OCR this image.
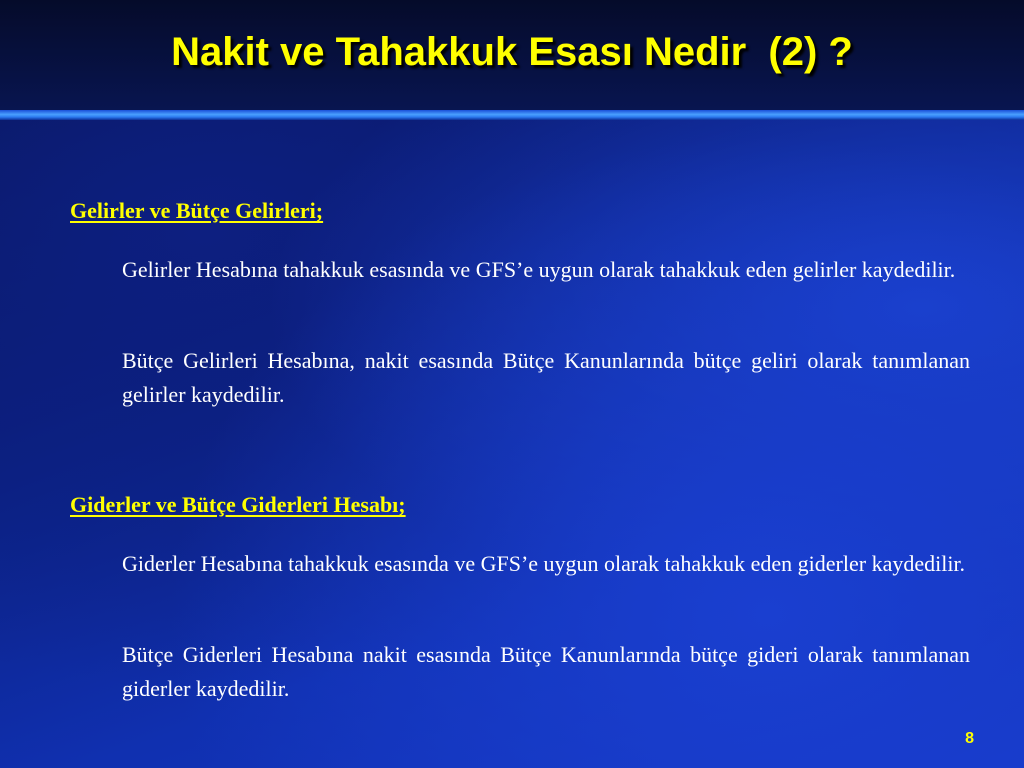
Nakit ve Tahakkuk Esası Nedir  (2) ?

Gelirler ve Bütçe Gelirleri;

Gelirler Hesabına tahakkuk esasında ve GFS’e uygun olarak tahakkuk eden gelirler kaydedilir.

Bütçe Gelirleri Hesabına, nakit esasında Bütçe Kanunlarında bütçe geliri olarak tanımlanan gelirler kaydedilir.

Giderler ve Bütçe Giderleri Hesabı;

Giderler Hesabına tahakkuk esasında ve GFS’e uygun olarak tahakkuk eden giderler kaydedilir.

Bütçe Giderleri Hesabına nakit esasında Bütçe Kanunlarında bütçe gideri olarak tanımlanan giderler kaydedilir.

8
